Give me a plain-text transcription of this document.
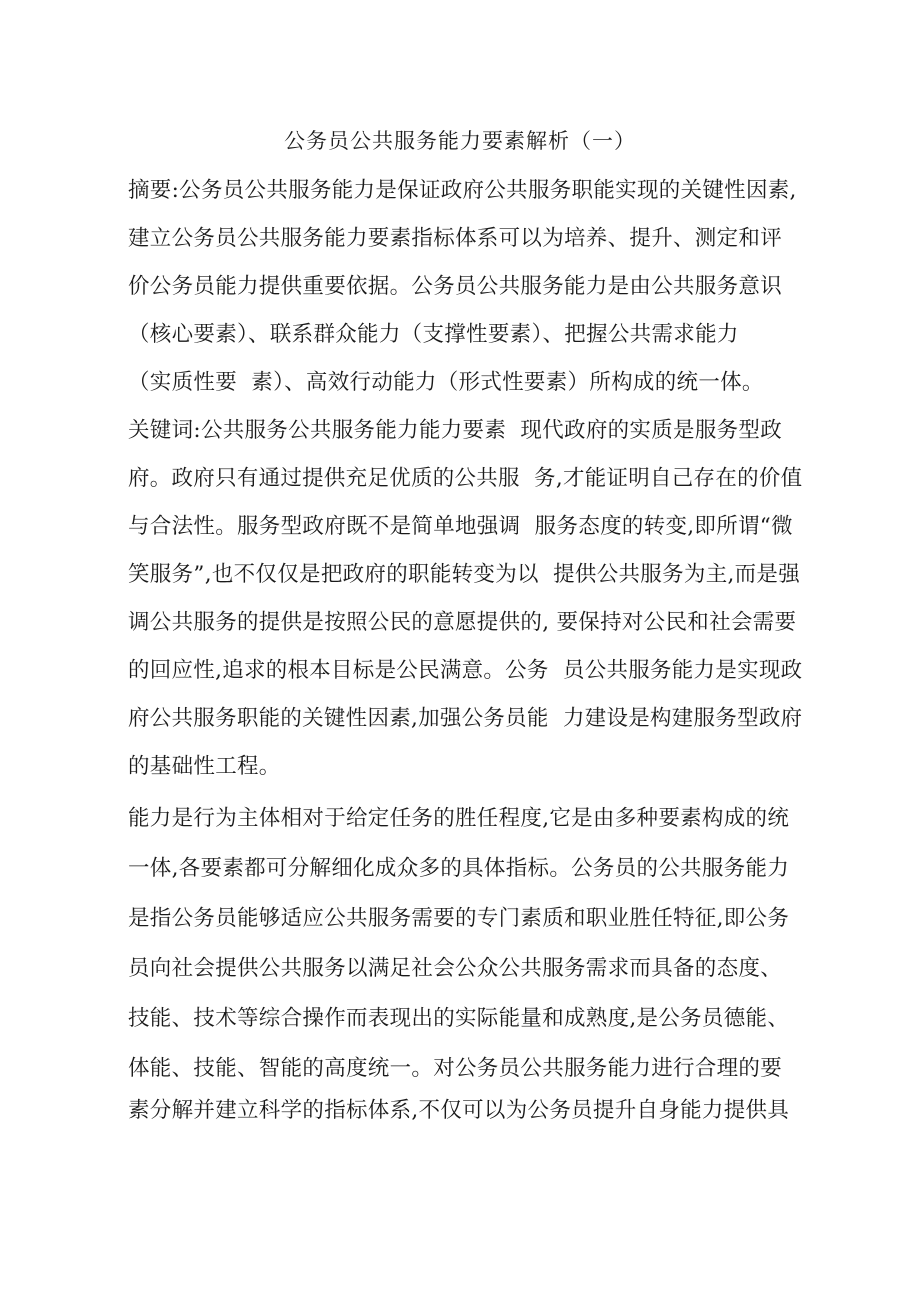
公务员公共服务能力要素解析（一）
摘要:公务员公共服务能力是保证政府公共服务职能实现的关键性因素,
建立公务员公共服务能力要素指标体系可以为培养、提升、测定和评
价公务员能力提供重要依据。公务员公共服务能力是由公共服务意识
（核心要素）、联系群众能力（支撑性要素）、把握公共需求能力
（实质性要  素）、高效行动能力（形式性要素）所构成的统一体。
关键词:公共服务公共服务能力能力要素  现代政府的实质是服务型政
府。政府只有通过提供充足优质的公共服  务,才能证明自己存在的价值
与合法性。服务型政府既不是简单地强调  服务态度的转变,即所谓“微
笑服务”,也不仅仅是把政府的职能转变为以  提供公共服务为主,而是强
调公共服务的提供是按照公民的意愿提供的, 要保持对公民和社会需要
的回应性,追求的根本目标是公民满意。公务  员公共服务能力是实现政
府公共服务职能的关键性因素,加强公务员能  力建设是构建服务型政府
的基础性工程。
能力是行为主体相对于给定任务的胜任程度,它是由多种要素构成的统
一体,各要素都可分解细化成众多的具体指标。公务员的公共服务能力
是指公务员能够适应公共服务需要的专门素质和职业胜任特征,即公务
员向社会提供公共服务以满足社会公众公共服务需求而具备的态度、
技能、技术等综合操作而表现出的实际能量和成熟度,是公务员德能、
体能、技能、智能的高度统一。对公务员公共服务能力进行合理的要
素分解并建立科学的指标体系,不仅可以为公务员提升自身能力提供具
